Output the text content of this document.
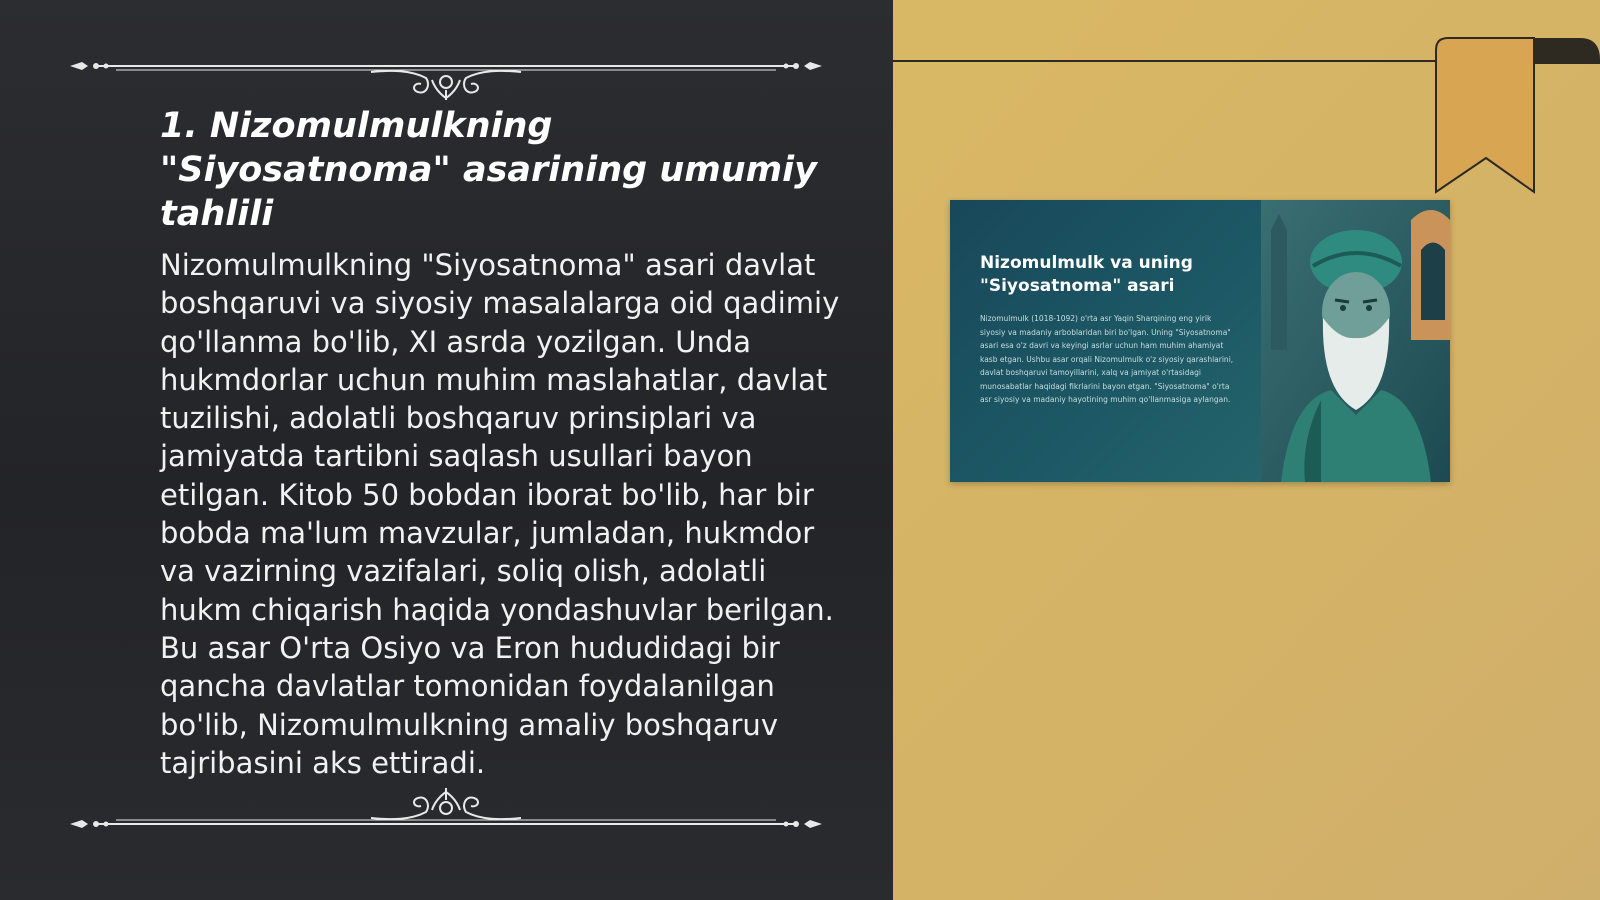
1. Nizomulmulkning "Siyosatnoma" asarining umumiy tahlili
Nizomulmulkning "Siyosatnoma" asari davlat boshqaruvi va siyosiy masalalarga oid qadimiy qo'llanma bo'lib, XI asrda yozilgan. Unda hukmdorlar uchun muhim maslahatlar, davlat tuzilishi, adolatli boshqaruv prinsiplari va jamiyatda tartibni saqlash usullari bayon etilgan. Kitob 50 bobdan iborat bo'lib, har bir bobda ma'lum mavzular, jumladan, hukmdor va vazirning vazifalari, soliq olish, adolatli hukm chiqarish haqida yondashuvlar berilgan. Bu asar O'rta Osiyo va Eron hududidagi bir qancha davlatlar tomonidan foydalanilgan bo'lib, Nizomulmulkning amaliy boshqaruv tajribasini aks ettiradi.
Nizomulmulk va uning "Siyosatnoma" asari
Nizomulmulk (1018-1092) o'rta asr Yaqin Sharqining eng yirik siyosiy va madaniy arboblaridan biri bo'lgan. Uning "Siyosatnoma" asari esa o'z davri va keyingi asrlar uchun ham muhim ahamiyat kasb etgan. Ushbu asar orqali Nizomulmulk o'z siyosiy qarashlarini, davlat boshqaruvi tamoyillarini, xalq va jamiyat o'rtasidagi munosabatlar haqidagi fikrlarini bayon etgan. "Siyosatnoma" o'rta asr siyosiy va madaniy hayotining muhim qo'llanmasiga aylangan.
